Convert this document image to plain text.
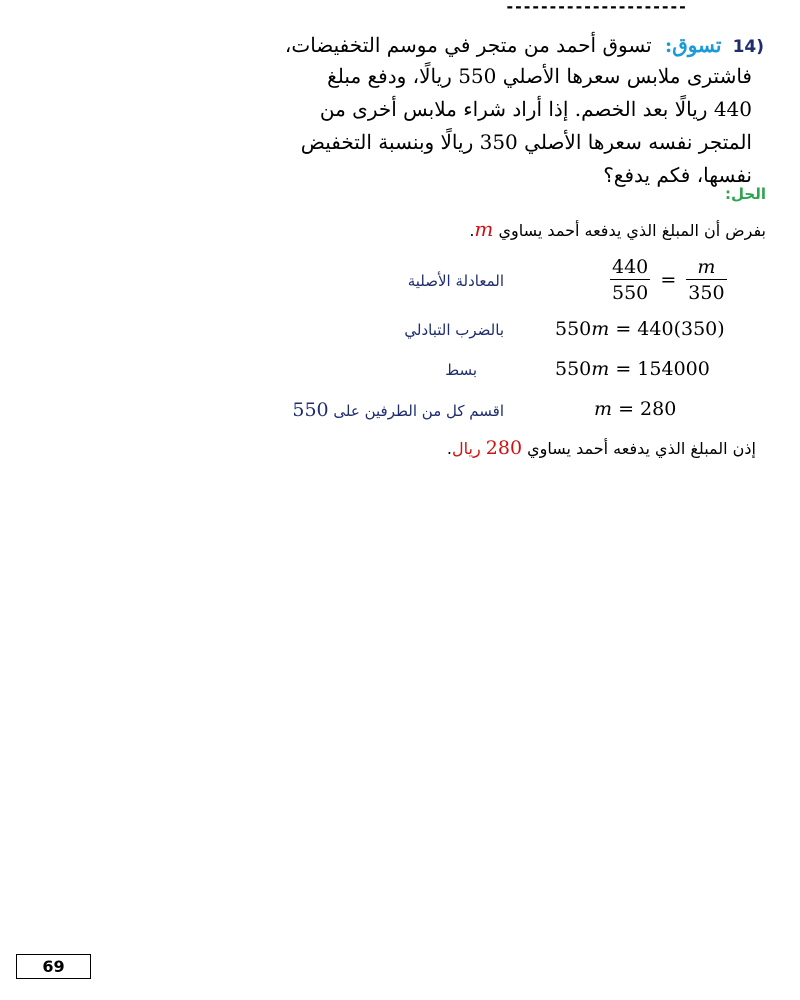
---------------------
14) تسوق: تسوق أحمد من متجر في موسم التخفيضات،
فاشترى ملابس سعرها الأصلي 550 ريالًا، ودفع مبلغ
440 ريالًا بعد الخصم. إذا أراد شراء ملابس أخرى من
المتجر نفسه سعرها الأصلي 350 ريالًا وبنسبة التخفيض
نفسها، فكم يدفع؟
الحل:
بفرض أن المبلغ الذي يدفعه أحمد يساوي m.
$\frac{440}{550} = \frac{m}{350}$
المعادلة الأصلية
550m = 440(350)
بالضرب التبادلي
550m = 154000
بسط
m = 280
اقسم كل من الطرفين على 550
إذن المبلغ الذي يدفعه أحمد يساوي 280 ريال.
69
